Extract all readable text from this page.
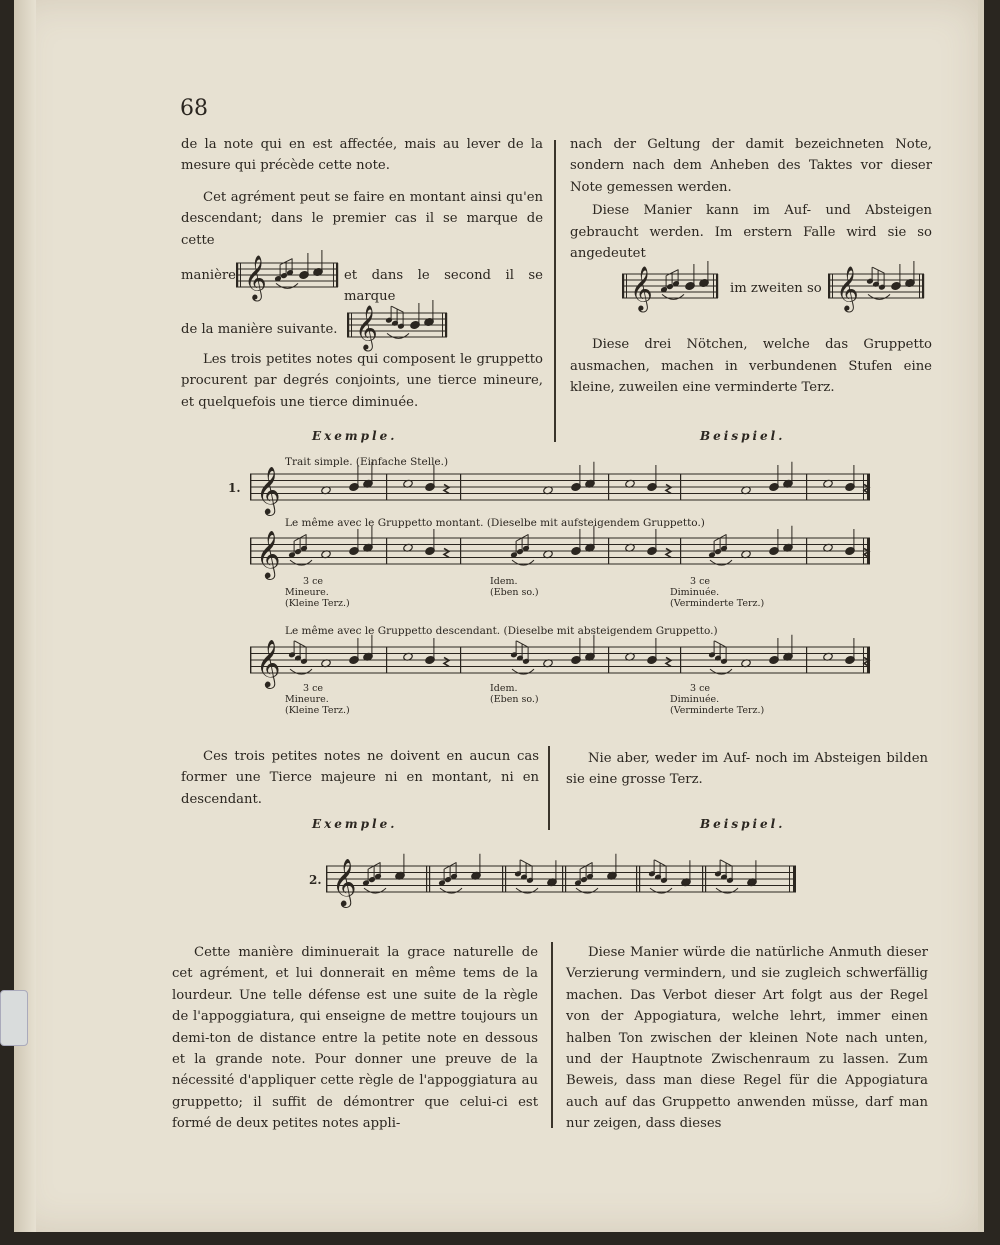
68

de la note qui en est affectée, mais au lever de la mesure qui précède cette note.

Cet agrément peut se faire en montant ainsi qu'en descendant; dans le premier cas il se marque de cette

manière 𝄞	et dans le second il se marque
de la manière suivante. 𝄞

Les trois petites notes qui composent le gruppetto procurent par degrés conjoints, une tierce mineure, et quelquefois une tierce diminuée.

nach der Geltung der damit bezeichneten Note, sondern nach dem Anheben des Taktes vor dieser Note gemessen werden.

Diese Manier kann im Auf- und Absteigen gebraucht werden. Im erstern Falle wird sie so angedeutet

𝄞	im zweiten so 𝄞

Diese drei Nötchen, welche das Gruppetto ausmachen, machen in verbundenen Stufen eine kleine, zuweilen eine verminderte Terz.

Exemple.	Beispiel.
Trait simple. (Einfache Stelle.)
1. 𝄞
Le même avec le Gruppetto montant. (Dieselbe mit aufsteigendem Gruppetto.)
𝄞
3 ce
Mineure.
(Kleine Terz.)
Idem.
(Eben so.)
3 ce
Diminuée.
(Verminderte Terz.)
Le même avec le Gruppetto descendant. (Dieselbe mit absteigendem Gruppetto.)
𝄞
3 ce
Mineure.
(Kleine Terz.)
Idem.
(Eben so.)
3 ce
Diminuée.
(Verminderte Terz.)
Ces trois petites notes ne doivent en aucun cas former une Tierce majeure ni en montant, ni en descendant.
Nie aber, weder im Auf- noch im Absteigen bilden sie eine grosse Terz.
Exemple.	Beispiel.
2. 𝄞
Cette manière diminuerait la grace naturelle de cet agrément, et lui donnerait en même tems de la lourdeur. Une telle défense est une suite de la règle de l'appoggiatura, qui enseigne de mettre toujours un demi-ton de distance entre la petite note en dessous et la grande note. Pour donner une preuve de la nécessité d'appliquer cette règle de l'appoggiatura au gruppetto; il suffit de démontrer que celui-ci est formé de deux petites notes appli-
Diese Manier würde die natürliche Anmuth dieser Verzierung vermindern, und sie zugleich schwerfällig machen. Das Verbot dieser Art folgt aus der Regel von der Appogiatura, welche lehrt, immer einen halben Ton zwischen der kleinen Note nach unten, und der Hauptnote Zwischenraum zu lassen. Zum Beweis, dass man diese Regel für die Appogiatura auch auf das Gruppetto anwenden müsse, darf man nur zeigen, dass dieses
